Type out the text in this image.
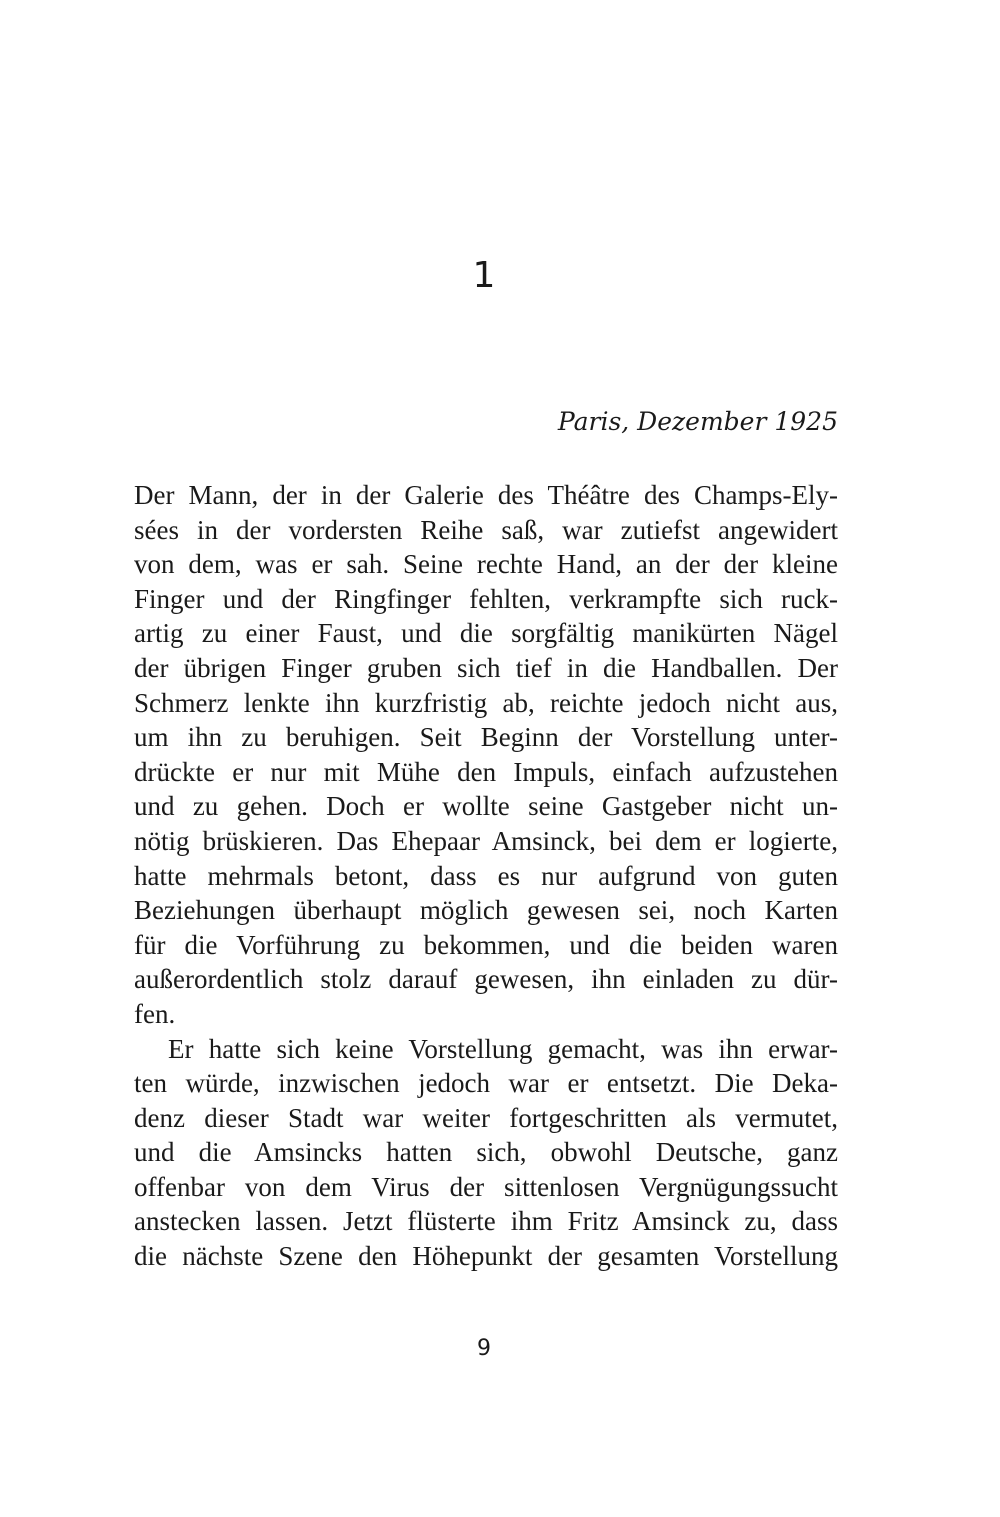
1
Paris, Dezember 1925
Der Mann, der in der Galerie des Théâtre des Champs-Ely-
sées in der vordersten Reihe saß, war zutiefst angewidert
von dem, was er sah. Seine rechte Hand, an der der kleine
Finger und der Ringfinger fehlten, verkrampfte sich ruck-
artig zu einer Faust, und die sorgfältig manikürten Nägel
der übrigen Finger gruben sich tief in die Handballen. Der
Schmerz lenkte ihn kurzfristig ab, reichte jedoch nicht aus,
um ihn zu beruhigen. Seit Beginn der Vorstellung unter-
drückte er nur mit Mühe den Impuls, einfach aufzustehen
und zu gehen. Doch er wollte seine Gastgeber nicht un-
nötig brüskieren. Das Ehepaar Amsinck, bei dem er logierte,
hatte mehrmals betont, dass es nur aufgrund von guten
Beziehungen überhaupt möglich gewesen sei, noch Karten
für die Vorführung zu bekommen, und die beiden waren
außerordentlich stolz darauf gewesen, ihn einladen zu dür-
fen.
Er hatte sich keine Vorstellung gemacht, was ihn erwar-
ten würde, inzwischen jedoch war er entsetzt. Die Deka-
denz dieser Stadt war weiter fortgeschritten als vermutet,
und die Amsincks hatten sich, obwohl Deutsche, ganz
offenbar von dem Virus der sittenlosen Vergnügungssucht
anstecken lassen. Jetzt flüsterte ihm Fritz Amsinck zu, dass
die nächste Szene den Höhepunkt der gesamten Vorstellung
9
